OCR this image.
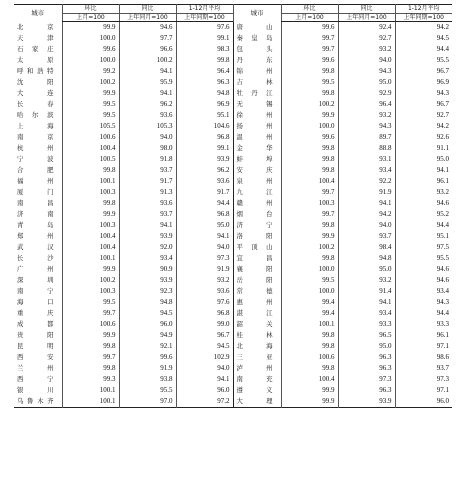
城市	环比	同比	1-12月平均	城市	环比	同比	1-12月平均
	上月=100	上年同月=100	上年同期=100		上月=100	上年同月=100	上年同期=100
北京	99.9	94.6	97.6	唐山	99.6	92.4	94.2
天津	100.0	97.7	99.1	秦皇岛	99.7	92.7	94.5
石家庄	99.6	96.6	98.3	包头	99.7	93.2	94.4
太原	100.0	100.2	99.8	丹东	99.6	94.0	95.5
呼和浩特	99.2	94.1	96.4	锦州	99.8	94.3	96.7
沈阳	100.2	95.9	96.3	吉林	99.5	95.0	96.9
大连	99.9	94.1	94.8	牡丹江	99.8	92.9	94.3
长春	99.5	96.2	96.9	无锡	100.2	96.4	96.7
哈尔滨	99.5	93.6	95.1	徐州	99.9	93.2	92.7
上海	105.5	105.3	104.6	扬州	100.0	94.3	94.2
南京	100.6	94.0	96.8	温州	99.6	89.7	92.6
杭州	100.4	98.0	99.1	金华	99.8	88.8	91.1
宁波	100.5	91.8	93.9	蚌埠	99.8	93.1	95.0
合肥	99.8	93.7	96.2	安庆	99.8	93.4	94.1
福州	100.1	91.7	93.6	泉州	100.4	92.2	96.1
厦门	100.3	91.3	91.7	九江	99.7	91.9	93.2
南昌	99.8	93.6	94.4	赣州	100.3	94.1	94.6
济南	99.9	93.7	96.8	烟台	99.7	94.2	95.2
青岛	100.3	94.1	95.0	济宁	99.8	94.0	94.4
郑州	100.4	93.9	94.1	洛阳	99.9	93.7	95.1
武汉	100.4	92.0	94.0	平顶山	100.2	98.4	97.5
长沙	100.1	93.4	97.3	宜昌	99.8	94.8	95.5
广州	99.9	90.9	91.9	襄阳	100.0	95.0	94.6
深圳	100.2	93.9	93.2	岳阳	99.5	93.2	94.6
南宁	100.3	92.3	93.6	常德	100.0	91.4	93.4
海口	99.5	94.8	97.6	惠州	99.4	94.1	94.3
重庆	99.7	94.5	96.8	湛江	99.4	93.4	94.4
成都	100.6	96.0	99.0	韶关	100.1	93.3	93.3
贵阳	99.9	94.9	96.7	桂林	99.8	96.5	96.1
昆明	99.8	92.1	94.5	北海	99.8	95.0	97.1
西安	99.7	99.6	102.9	三亚	100.6	96.3	98.6
兰州	99.8	91.9	94.0	泸州	99.8	96.3	93.7
西宁	99.3	93.8	94.1	南充	100.4	97.3	97.3
银川	100.1	95.5	96.0	遵义	99.9	96.3	97.1
乌鲁木齐	100.1	97.0	97.2	大理	99.9	93.9	96.0
